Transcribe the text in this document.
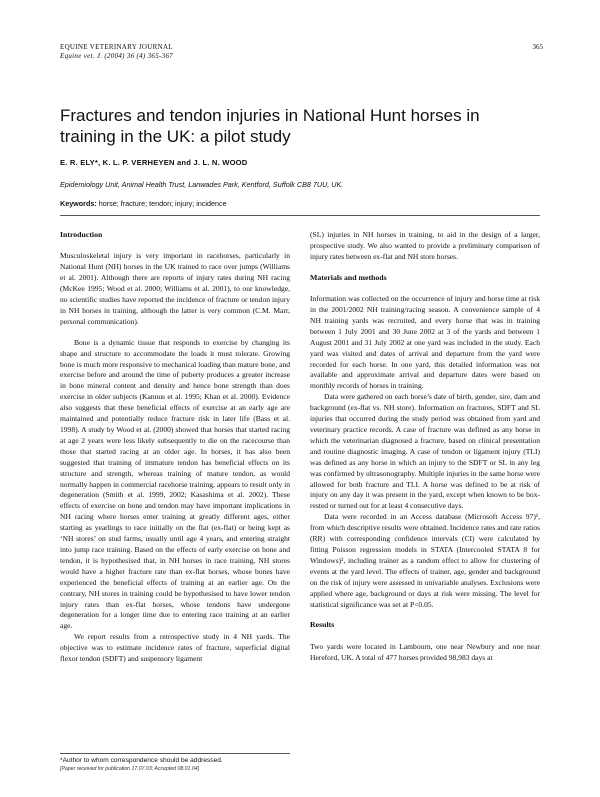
EQUINE VETERINARY JOURNAL
Equine vet. J. (2004) 36 (4) 365-367
365
Fractures and tendon injuries in National Hunt horses in training in the UK: a pilot study
E. R. ELY*, K. L. P. VERHEYEN and J. L. N. WOOD
Epidemiology Unit, Animal Health Trust, Lanwades Park, Kentford, Suffolk CB8 7UU, UK.
Keywords: horse; fracture; tendon; injury; incidence
Introduction

Musculoskeletal injury is very important in racehorses, particularly in National Hunt (NH) horses in the UK trained to race over jumps (Williams et al. 2001). Although there are reports of injury rates during NH racing (McKee 1995; Wood et al. 2000; Williams et al. 2001), to our knowledge, no scientific studies have reported the incidence of fracture or tendon injury in NH horses in training, although the latter is very common (C.M. Marr, personal communication).

Bone is a dynamic tissue that responds to exercise by changing its shape and structure to accommodate the loads it must tolerate. Growing bone is much more responsive to mechanical loading than mature bone, and exercise before and around the time of puberty produces a greater increase in bone mineral content and density and hence bone strength than does exercise in older subjects (Kannus et al. 1995; Khan et al. 2000). Evidence also suggests that these beneficial effects of exercise at an early age are maintained and potentially reduce fracture risk in later life (Bass et al. 1998). A study by Wood et al. (2000) showed that horses that started racing at age 2 years were less likely subsequently to die on the racecourse than those that started racing at an older age. In horses, it has also been suggested that training of immature tendon has beneficial effects on its structure and strength, whereas training of mature tendon, as would normally happen in commercial racehorse training, appears to result only in degeneration (Smith et al. 1999, 2002; Kasashima et al. 2002). These effects of exercise on bone and tendon may have important implications in NH racing where horses enter training at greatly different ages, either starting as yearlings to race initially on the flat (ex-flat) or being kept as ‘NH stores’ on stud farms, usually until age 4 years, and entering straight into jump race training. Based on the effects of early exercise on bone and tendon, it is hypothesised that, in NH horses in race training, NH stores would have a higher fracture rate than ex-flat horses, whose bones have experienced the beneficial effects of training at an earlier age. On the contrary, NH stores in training could be hypothesised to have lower tendon injury rates than ex-flat horses, whose tendons have undergone degeneration for a longer time due to entering race training at an earlier age.

We report results from a retrospective study in 4 NH yards. The objective was to estimate incidence rates of fracture, superficial digital flexor tendon (SDFT) and suspensory ligament

(SL) injuries in NH horses in training, to aid in the design of a larger, prospective study. We also wanted to provide a preliminary comparison of injury rates between ex-flat and NH store horses.

Materials and methods

Information was collected on the occurrence of injury and horse time at risk in the 2001/2002 NH training/racing season. A convenience sample of 4 NH training yards was recruited, and every horse that was in training between 1 July 2001 and 30 June 2002 at 3 of the yards and between 1 August 2001 and 31 July 2002 at one yard was included in the study. Each yard was visited and dates of arrival and departure from the yard were recorded for each horse. In one yard, this detailed information was not available and approximate arrival and departure dates were based on monthly records of horses in training.

Data were gathered on each horse’s date of birth, gender, sire, dam and background (ex-flat vs. NH store). Information on fractures, SDFT and SL injuries that occurred during the study period was obtained from yard and veterinary practice records. A case of fracture was defined as any horse in which the veterinarian diagnosed a fracture, based on clinical presentation and routine diagnostic imaging. A case of tendon or ligament injury (TLI) was defined as any horse in which an injury to the SDFT or SL in any leg was confirmed by ultrasonography. Multiple injuries in the same horse were allowed for both fracture and TLI. A horse was defined to be at risk of injury on any day it was present in the yard, except when known to be box-rested or turned out for at least 4 consecutive days.

Data were recorded in an Access database (Microsoft Access 97)¹, from which descriptive results were obtained. Incidence rates and rate ratios (RR) with corresponding confidence intervals (CI) were calculated by fitting Poisson regression models in STATA (Intercooled STATA 8 for Windows)², including trainer as a random effect to allow for clustering of events at the yard level. The effects of trainer, age, gender and background on the risk of injury were assessed in univariable analyses. Exclusions were applied where age, background or days at risk were missing. The level for statistical significance was set at P<0.05.

Results

Two yards were located in Lambourn, one near Newbury and one near Hereford, UK. A total of 477 horses provided 98,983 days at

*Author to whom correspondence should be addressed.
[Paper received for publication 17.07.03; Accepted 08.01.04]
